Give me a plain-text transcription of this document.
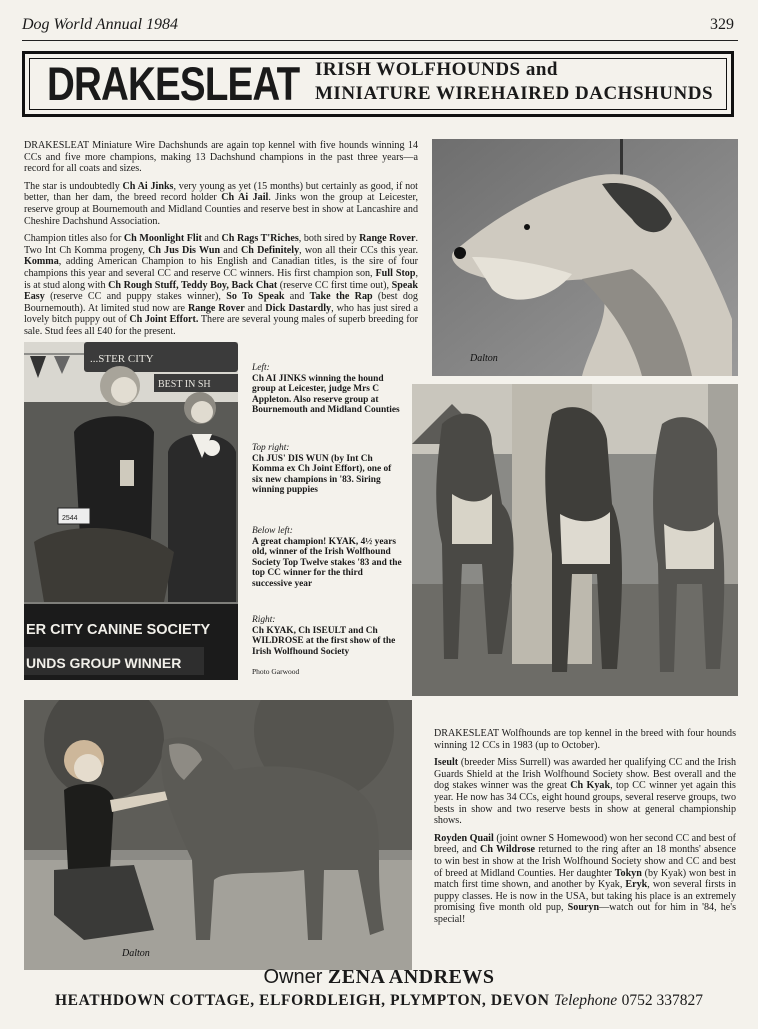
Dog World Annual 1984	329
DRAKESLEAT IRISH WOLFHOUNDS and
MINIATURE WIREHAIRED DACHSHUNDS

DRAKESLEAT Miniature Wire Dachshunds are again top kennel with five hounds winning 14 CCs and five more champions, making 13 Dachshund champions in the past three years—a record for all coats and sizes.

The star is undoubtedly Ch Ai Jinks, very young as yet (15 months) but certainly as good, if not better, than her dam, the breed record holder Ch Ai Jail. Jinks won the group at Leicester, reserve group at Bournemouth and Midland Counties and reserve best in show at Lancashire and Cheshire Dachshund Association.

Champion titles also for Ch Moonlight Flit and Ch Rags T'Riches, both sired by Range Rover. Two Int Ch Komma progeny, Ch Jus Dis Wun and Ch Definitely, won all their CCs this year. Komma, adding American Champion to his English and Canadian titles, is the sire of four champions this year and several CC and reserve CC winners. His first champion son, Full Stop, is at stud along with Ch Rough Stuff, Teddy Boy, Back Chat (reserve CC first time out), Speak Easy (reserve CC and puppy stakes winner), So To Speak and Take the Rap (best dog Bournemouth). At limited stud now are Range Rover and Dick Dastardly, who has just sired a lovely bitch puppy out of Ch Joint Effort. There are several young males of superb breeding for sale. Stud fees all £40 for the present.

Dalton
...STER CITY
BEST IN SH
2544
ER CITY CANINE SOCIETY
UNDS GROUP WINNER
Left:
Ch AI JINKS winning the hound group at Leicester, judge Mrs C Appleton. Also reserve group at Bournemouth and Midland Counties
Top right:
Ch JUS' DIS WUN (by Int Ch Komma ex Ch Joint Effort), one of six new champions in '83. Siring winning puppies
Below left:
A great champion! KYAK, 4½ years old, winner of the Irish Wolfhound Society Top Twelve stakes '83 and the top CC winner for the third successive year
Right:
Ch KYAK, Ch ISEULT and Ch WILDROSE at the first show of the Irish Wolfhound Society
Photo Garwood
Dalton

DRAKESLEAT Wolfhounds are top kennel in the breed with four hounds winning 12 CCs in 1983 (up to October).

Iseult (breeder Miss Surrell) was awarded her qualifying CC and the Irish Guards Shield at the Irish Wolfhound Society show. Best overall and the dog stakes winner was the great Ch Kyak, top CC winner yet again this year. He now has 34 CCs, eight hound groups, several reserve groups, two bests in show and two reserve bests in show at general championship shows.

Royden Quail (joint owner S Homewood) won her second CC and best of breed, and Ch Wildrose returned to the ring after an 18 months' absence to win best in show at the Irish Wolfhound Society show and CC and best of breed at Midland Counties. Her daughter Tokyn (by Kyak) won best in match first time shown, and another by Kyak, Eryk, won several firsts in puppy classes. He is now in the USA, but taking his place is an extremely promising five month old pup, Souryn—watch out for him in '84, he's special!

Owner ZENA ANDREWS
HEATHDOWN COTTAGE, ELFORDLEIGH, PLYMPTON, DEVON Telephone 0752 337827
